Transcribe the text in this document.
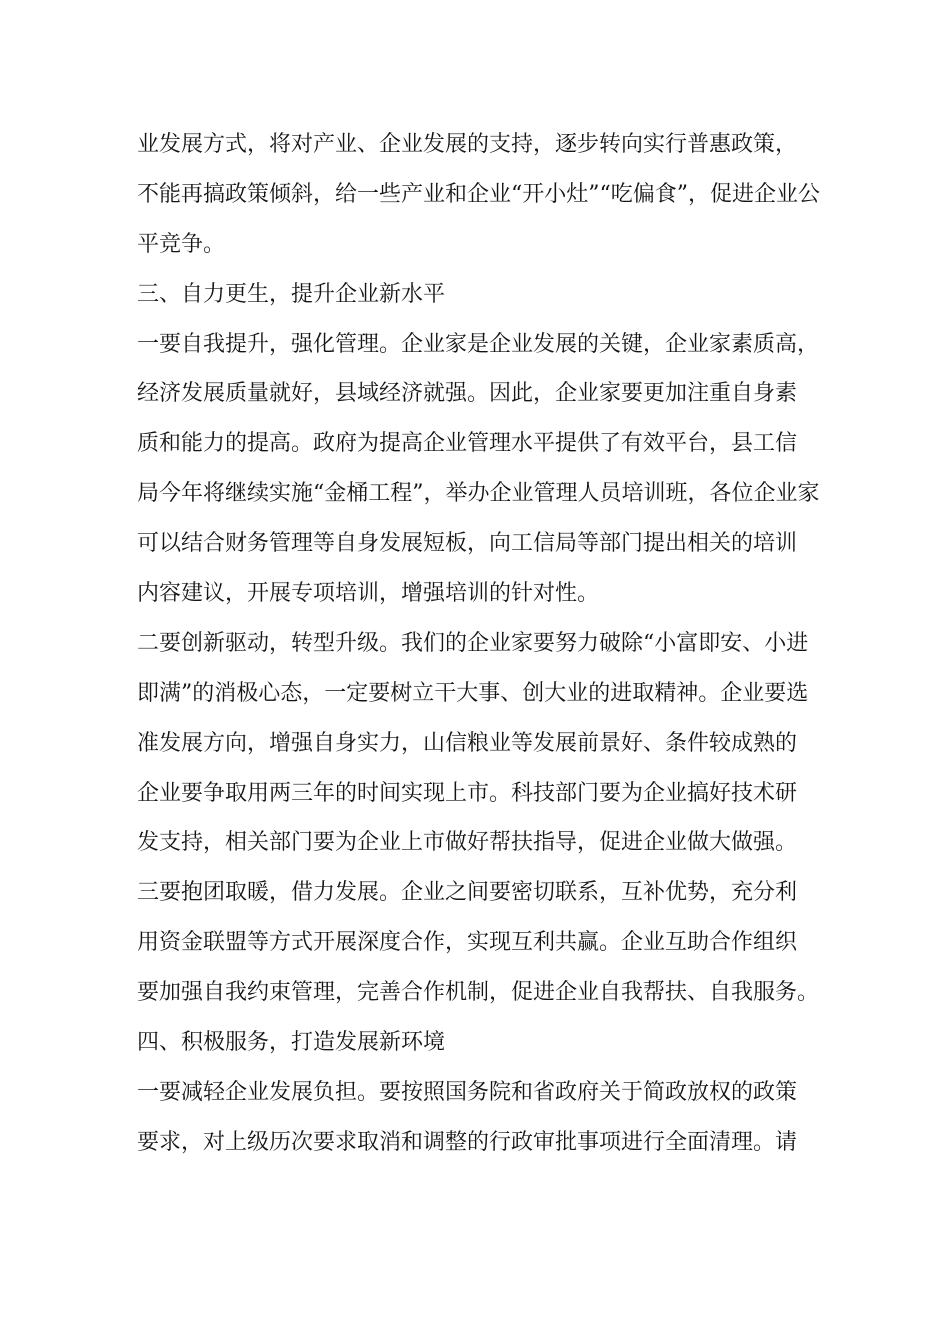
业发展方式，将对产业、企业发展的支持，逐步转向实行普惠政策，
不能再搞政策倾斜，给一些产业和企业“开小灶”“吃偏食”，促进企业公
平竞争。
三、自力更生，提升企业新水平
一要自我提升，强化管理。企业家是企业发展的关键，企业家素质高，
经济发展质量就好，县域经济就强。因此，企业家要更加注重自身素
质和能力的提高。政府为提高企业管理水平提供了有效平台，县工信
局今年将继续实施“金桶工程”，举办企业管理人员培训班，各位企业家
可以结合财务管理等自身发展短板，向工信局等部门提出相关的培训
内容建议，开展专项培训，增强培训的针对性。
二要创新驱动，转型升级。我们的企业家要努力破除“小富即安、小进
即满”的消极心态，一定要树立干大事、创大业的进取精神。企业要选
准发展方向，增强自身实力，山信粮业等发展前景好、条件较成熟的
企业要争取用两三年的时间实现上市。科技部门要为企业搞好技术研
发支持，相关部门要为企业上市做好帮扶指导，促进企业做大做强。
三要抱团取暖，借力发展。企业之间要密切联系，互补优势，充分利
用资金联盟等方式开展深度合作，实现互利共赢。企业互助合作组织
要加强自我约束管理，完善合作机制，促进企业自我帮扶、自我服务。
四、积极服务，打造发展新环境
一要减轻企业发展负担。要按照国务院和省政府关于简政放权的政策
要求，对上级历次要求取消和调整的行政审批事项进行全面清理。请
